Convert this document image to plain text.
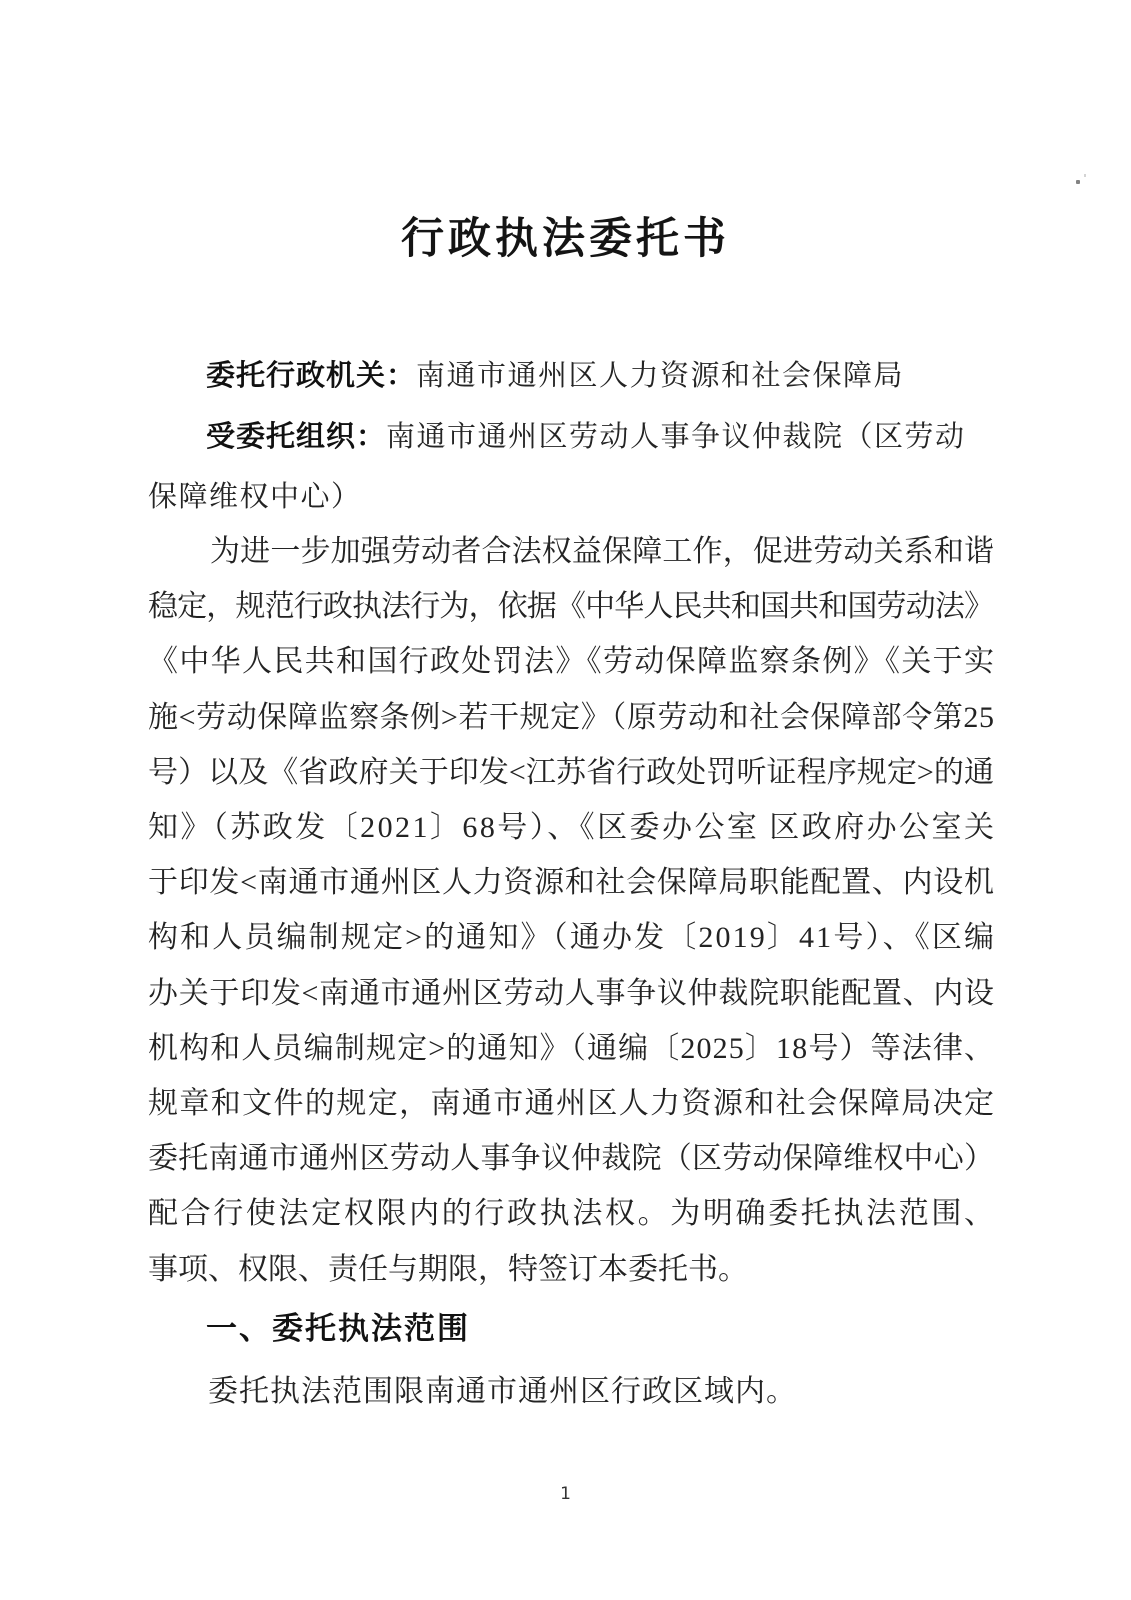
行政执法委托书
委托行政机关：南通市通州区人力资源和社会保障局
受委托组织：南通市通州区劳动人事争议仲裁院（区劳动
保障维权中心）
为进一步加强劳动者合法权益保障工作，促进劳动关系和谐
稳定，规范行政执法行为，依据《中华人民共和国共和国劳动法》
《中华人民共和国行政处罚法》《劳动保障监察条例》《关于实
施<劳动保障监察条例>若干规定》（原劳动和社会保障部令第25
号）以及《省政府关于印发<江苏省行政处罚听证程序规定>的通
知》（苏政发〔2021〕68号）、《区委办公室 区政府办公室关
于印发<南通市通州区人力资源和社会保障局职能配置、内设机
构和人员编制规定>的通知》（通办发〔2019〕41号）、《区编
办关于印发<南通市通州区劳动人事争议仲裁院职能配置、内设
机构和人员编制规定>的通知》（通编〔2025〕18号）等法律、
规章和文件的规定，南通市通州区人力资源和社会保障局决定
委托南通市通州区劳动人事争议仲裁院（区劳动保障维权中心）
配合行使法定权限内的行政执法权。为明确委托执法范围、
事项、权限、责任与期限，特签订本委托书。
一、委托执法范围
委托执法范围限南通市通州区行政区域内。
1
